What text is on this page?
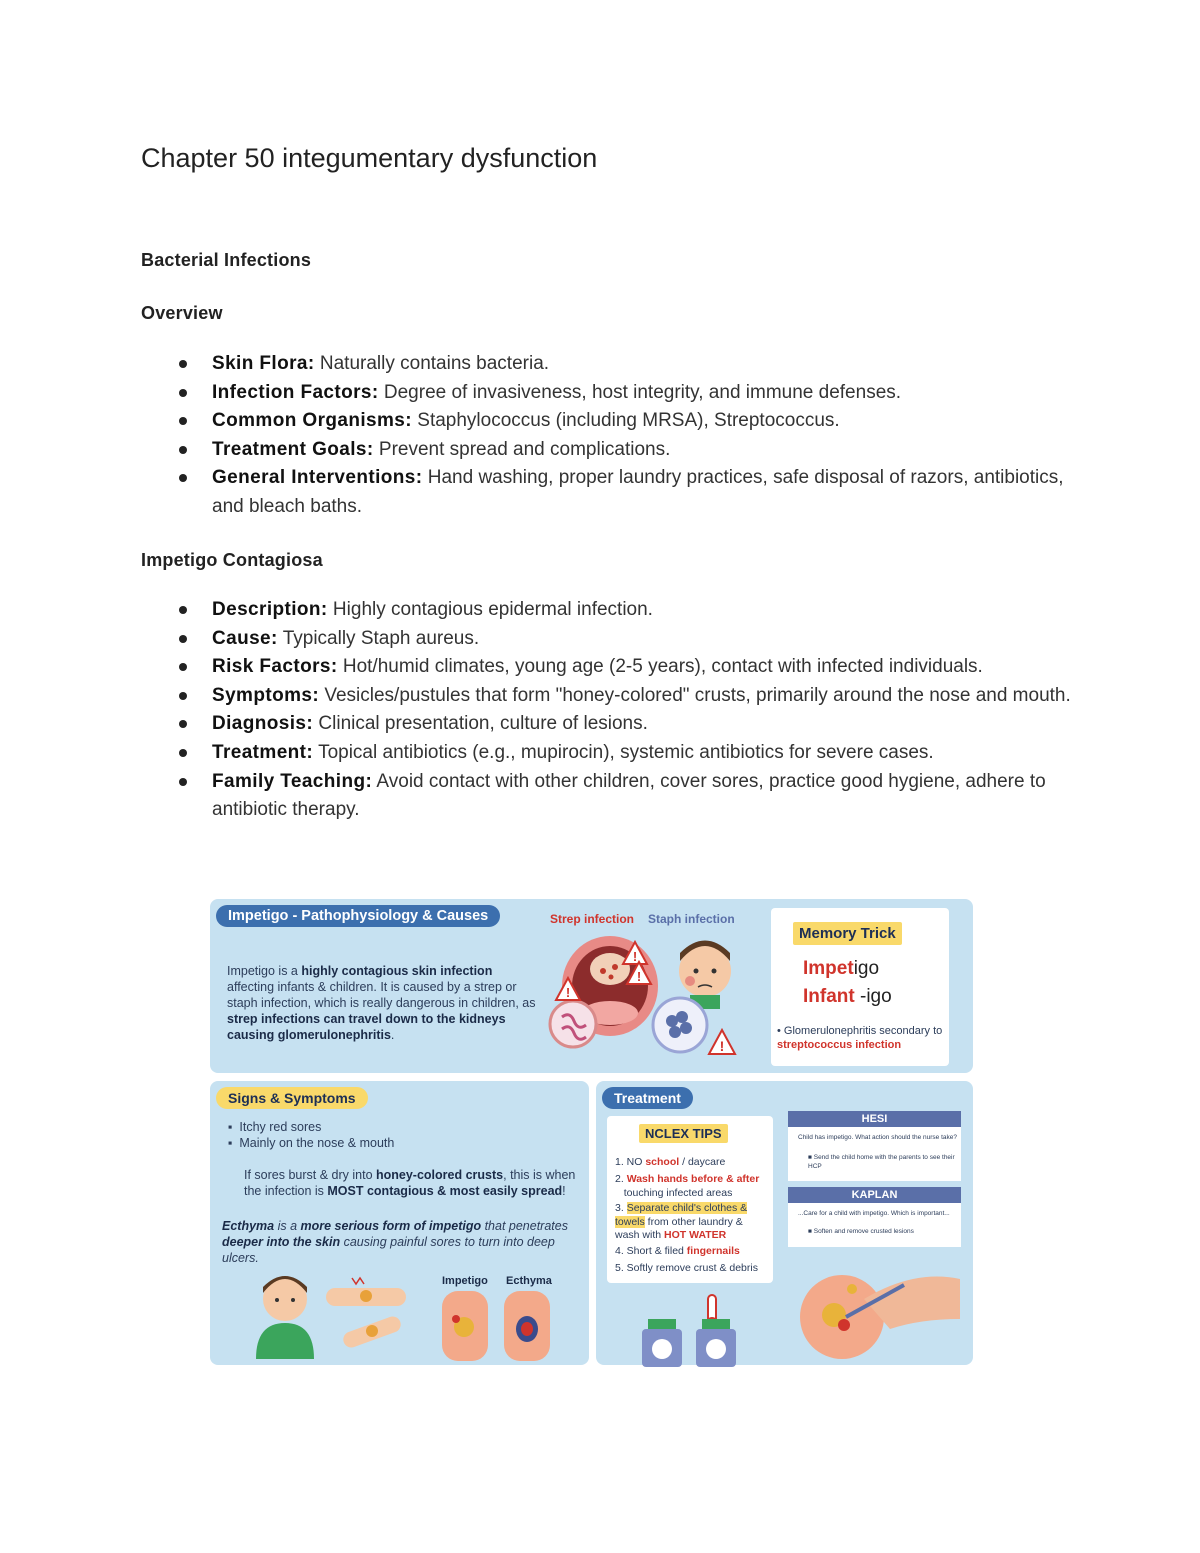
Chapter 50 integumentary dysfunction
Bacterial Infections
Overview
Skin Flora: Naturally contains bacteria.
Infection Factors: Degree of invasiveness, host integrity, and immune defenses.
Common Organisms: Staphylococcus (including MRSA), Streptococcus.
Treatment Goals: Prevent spread and complications.
General Interventions: Hand washing, proper laundry practices, safe disposal of razors, antibiotics, and bleach baths.
Impetigo Contagiosa
Description: Highly contagious epidermal infection.
Cause: Typically Staph aureus.
Risk Factors: Hot/humid climates, young age (2-5 years), contact with infected individuals.
Symptoms: Vesicles/pustules that form "honey-colored" crusts, primarily around the nose and mouth.
Diagnosis: Clinical presentation, culture of lesions.
Treatment: Topical antibiotics (e.g., mupirocin), systemic antibiotics for severe cases.
Family Teaching: Avoid contact with other children, cover sores, practice good hygiene, adhere to antibiotic therapy.
Impetigo - Pathophysiology & Causes
Impetigo is a highly contagious skin infection affecting infants & children. It is caused by a strep or staph infection, which is really dangerous in children, as strep infections can travel down to the kidneys causing glomerulonephritis.
Strep infection Staph infection
!
!
!
!
Memory Trick
Impetigo
Infant -igo
• Glomerulonephritis secondary to streptococcus infection
Signs & Symptoms
▪  Itchy red sores
▪  Mainly on the nose & mouth
If sores burst & dry into honey-colored crusts, this is when the infection is MOST contagious & most easily spread!
Ecthyma is a more serious form of impetigo that penetrates deeper into the skin causing painful sores to turn into deep ulcers.
Impetigo Ecthyma
Treatment
NCLEX TIPS
1. NO school / daycare
2. Wash hands before & after
touching infected areas
3. Separate child's clothes & towels from other laundry & wash with HOT WATER
4. Short & filed fingernails
5. Softly remove crust & debris
HESI
Child has impetigo. What action should the nurse take?
■ Send the child home with the parents to see their HCP
KAPLAN
...Care for a child with impetigo. Which is important...
■ Soften and remove crusted lesions
